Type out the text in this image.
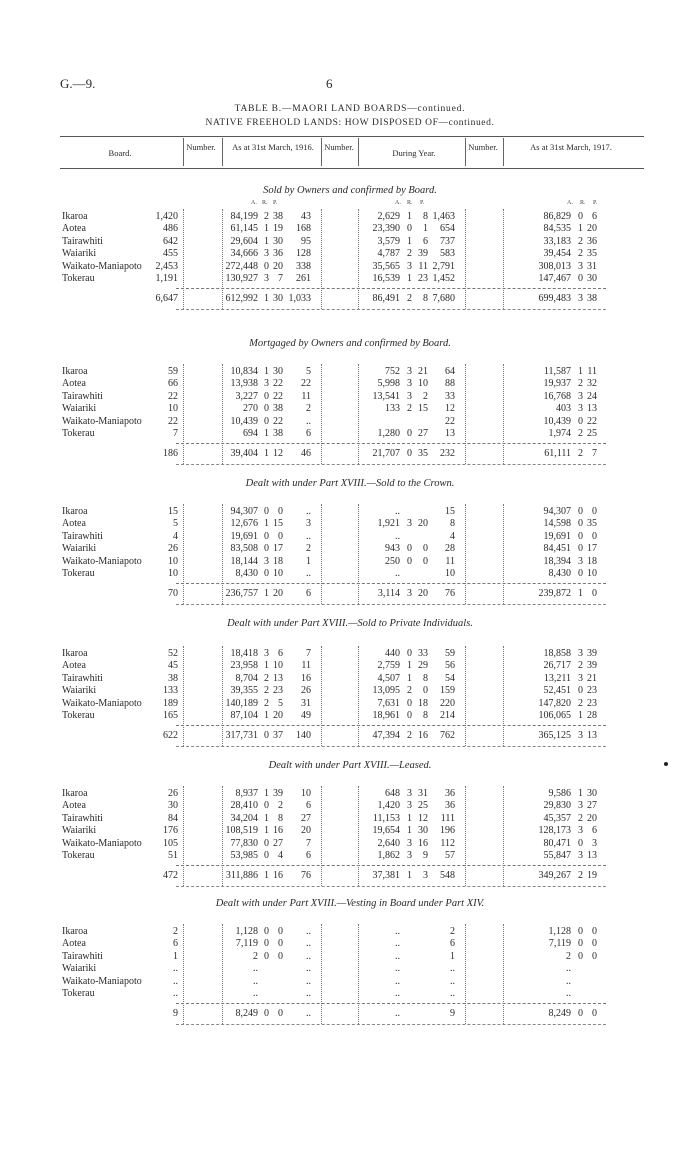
G.—9.	6
TABLE B.—MAORI LAND BOARDS—continued.
NATIVE FREEHOLD LANDS: HOW DISPOSED OF—continued.
Board.
Number.	As at 31st March, 1916.	Number.
During Year.
Number.	As at 31st March, 1917.
Sold by Owners and confirmed by Board.
A. R. P.	A. R. P.	A. R. P.
Ikaroa	1,420	84,199 2 38 43	2,629 1 8 1,463	86,829 0 6
Aotea	486	61,145 1 19 168	23,390 0 1 654	84,535 1 20
Tairawhiti	642	29,604 1 30 95	3,579 1 6 737	33,183 2 36
Waiariki	455	34,666 3 36 128	4,787 2 39 583	39,454 2 35
Waikato-Maniapoto 2,453	272,448 0 20 338	35,565 3 11 2,791	308,013 3 31
Tokerau	1,191	130,927 3 7 261	16,539 1 23 1,452	147,467 0 30
6,647	612,992 1 30 1,033	86,491 2 8 7,680	699,483 3 38
Mortgaged by Owners and confirmed by Board.
Ikaroa	59	10,834 1 30 5	752 3 21 64	11,587 1 11
Aotea	66	13,938 3 22 22	5,998 3 10 88	19,937 2 32
Tairawhiti	22	3,227 0 22 11	13,541 3 2 33	16,768 3 24
Waiariki	10	270 0 38 2	133 2 15 12	403 3 13
Waikato-Maniapoto	22	10,439 0 22 ..	22	10,439 0 22
Tokerau	7	694 1 38 6	1,280 0 27 13	1,974 2 25
186	39,404 1 12 46	21,707 0 35 232	61,111 2 7
Dealt with under Part XVIII.—Sold to the Crown.
Ikaroa	15	94,307 0 0 ..	..	15	94,307 0 0
Aotea	5	12,676 1 15 3	1,921 3 20 8	14,598 0 35
Tairawhiti	4	19,691 0 0 ..	..	4	19,691 0 0
Waiariki	26	83,508 0 17 2	943 0 0 28	84,451 0 17
Waikato-Maniapoto	10	18,144 3 18 1	250 0 0 11	18,394 3 18
Tokerau	10	8,430 0 10 ..	..	10	8,430 0 10
70	236,757 1 20 6	3,114 3 20 76	239,872 1 0
Dealt with under Part XVIII.—Sold to Private Individuals.
Ikaroa	52	18,418 3 6 7	440 0 33 59	18,858 3 39
Aotea	45	23,958 1 10 11	2,759 1 29 56	26,717 2 39
Tairawhiti	38	8,704 2 13 16	4,507 1 8 54	13,211 3 21
Waiariki	133	39,355 2 23 26	13,095 2 0 159	52,451 0 23
Waikato-Maniapoto 189	140,189 2 5 31	7,631 0 18 220	147,820 2 23
Tokerau	165	87,104 1 20 49	18,961 0 8 214	106,065 1 28
622	317,731 0 37 140	47,394 2 16 762	365,125 3 13
Dealt with under Part XVIII.—Leased.
Ikaroa	26	8,937 1 39 10	648 3 31 36	9,586 1 30
Aotea	30	28,410 0 2 6	1,420 3 25 36	29,830 3 27
Tairawhiti	84	34,204 1 8 27	11,153 1 12 111	45,357 2 20
Waiariki	176	108,519 1 16 20	19,654 1 30 196	128,173 3 6
Waikato-Maniapoto 105	77,830 0 27 7	2,640 3 16 112	80,471 0 3
Tokerau	51	53,985 0 4 6	1,862 3 9 57	55,847 3 13
472	311,886 1 16 76	37,381 1 3 548	349,267 2 19
Dealt with under Part XVIII.—Vesting in Board under Part XIV.
Ikaroa	2	1,128 0 0 ..	..	2	1,128 0 0
Aotea	6	7,119 0 0 ..	..	6	7,119 0 0
Tairawhiti	1	2 0 0 ..	..	1	2 0 0
Waiariki	..	..	..	..	..	..
Waikato-Maniapoto	..	..	..	..	..	..
Tokerau	..	..	..	..	..	..
9	8,249 0 0 ..	..	9	8,249 0 0
